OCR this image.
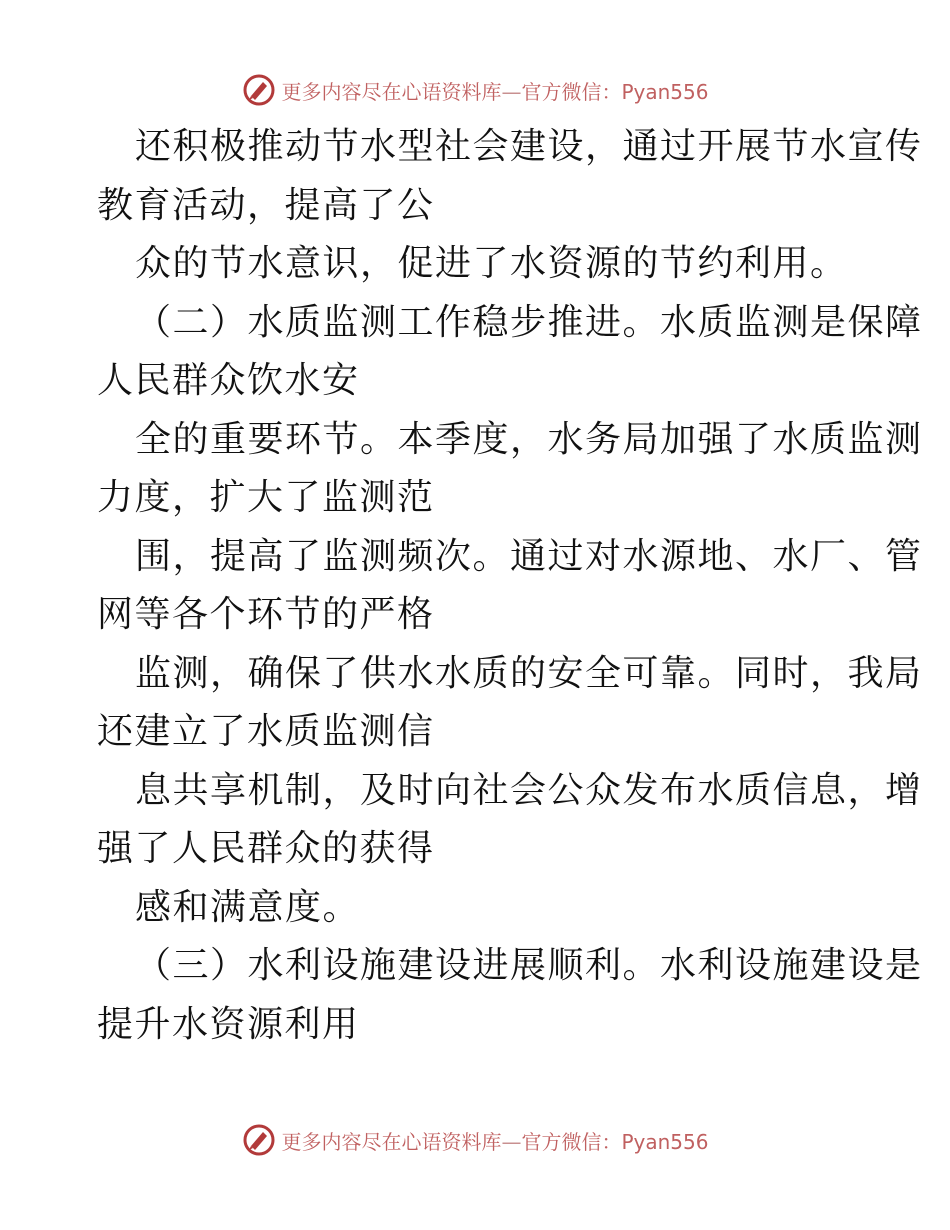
更多内容尽在心语资料库—官方微信：Pyan556
还积极推动节水型社会建设，通过开展节水宣传
教育活动，提高了公
众的节水意识，促进了水资源的节约利用。
（二）水质监测工作稳步推进。水质监测是保障
人民群众饮水安
全的重要环节。本季度，水务局加强了水质监测
力度，扩大了监测范
围，提高了监测频次。通过对水源地、水厂、管
网等各个环节的严格
监测，确保了供水水质的安全可靠。同时，我局
还建立了水质监测信
息共享机制，及时向社会公众发布水质信息，增
强了人民群众的获得
感和满意度。
（三）水利设施建设进展顺利。水利设施建设是
提升水资源利用
更多内容尽在心语资料库—官方微信：Pyan556
